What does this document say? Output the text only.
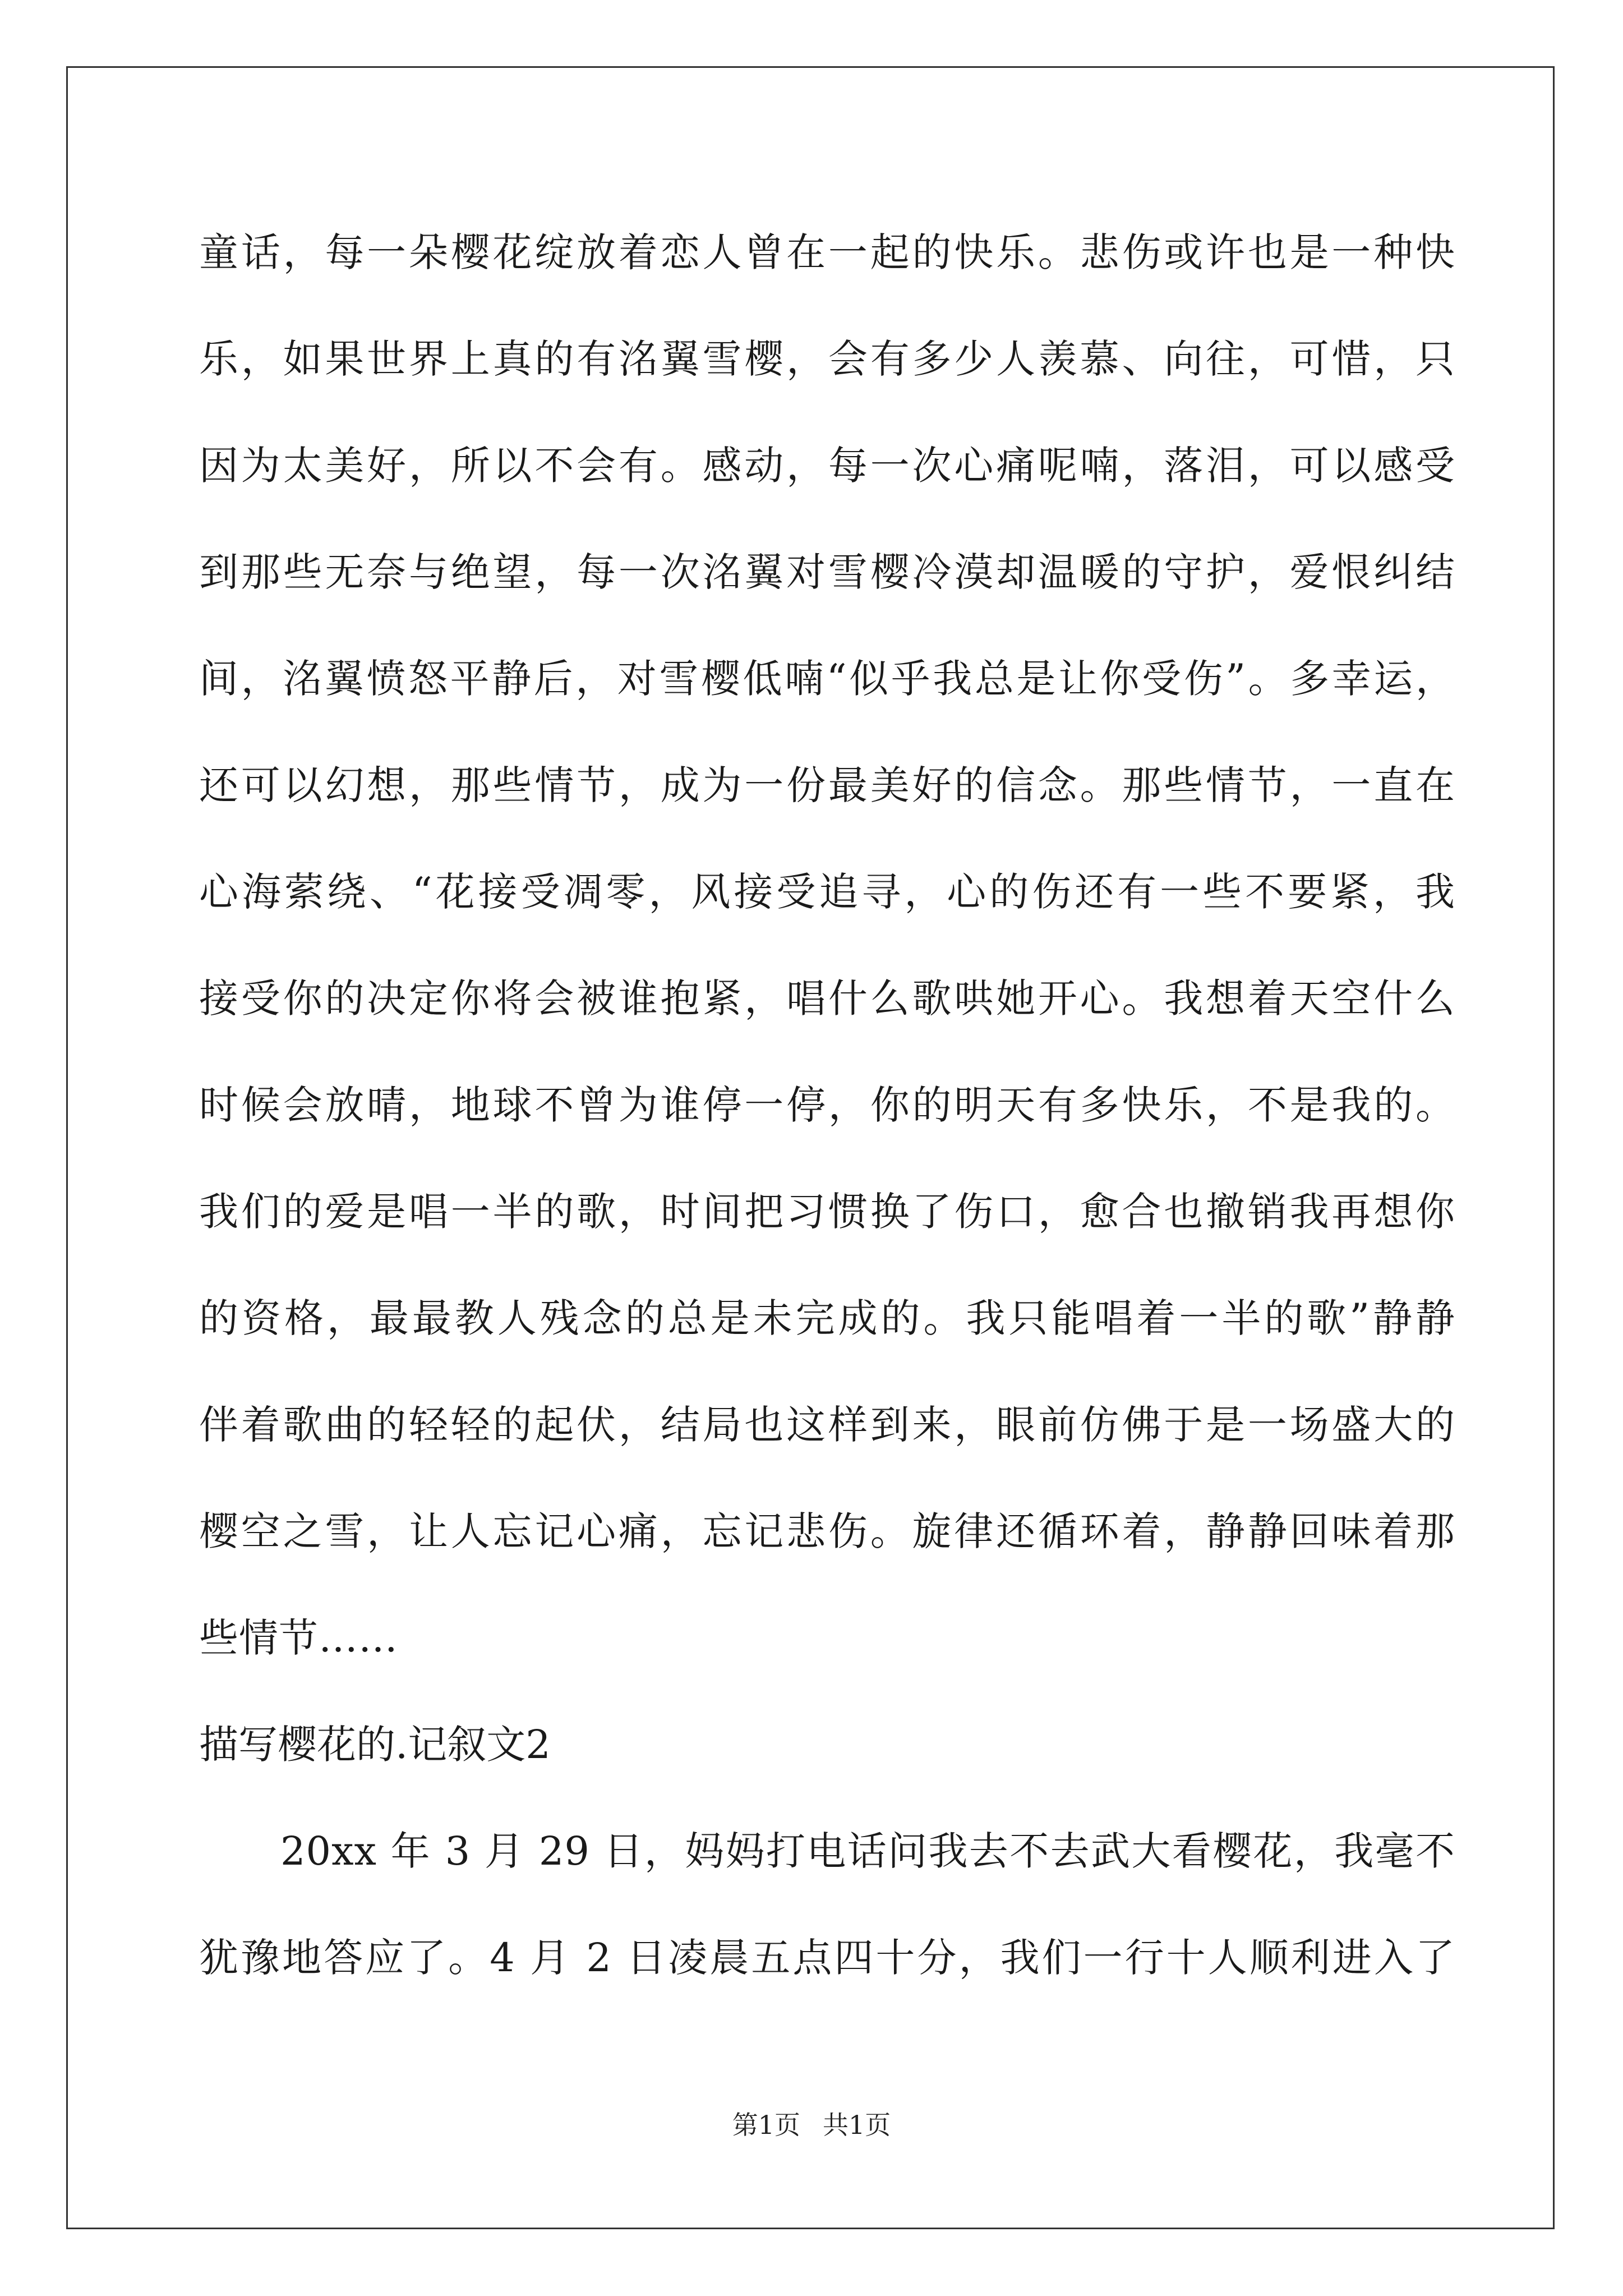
童话，每一朵樱花绽放着恋人曾在一起的快乐。悲伤或许也是一种快
乐，如果世界上真的有洺翼雪樱，会有多少人羡慕、向往，可惜，只
因为太美好，所以不会有。感动，每一次心痛呢喃，落泪，可以感受
到那些无奈与绝望，每一次洺翼对雪樱冷漠却温暖的守护，爱恨纠结
间，洺翼愤怒平静后，对雪樱低喃“似乎我总是让你受伤”。多幸运，
还可以幻想，那些情节，成为一份最美好的信念。那些情节，一直在
心海萦绕、“花接受凋零，风接受追寻，心的伤还有一些不要紧，我
接受你的决定你将会被谁抱紧，唱什么歌哄她开心。我想着天空什么
时候会放晴，地球不曾为谁停一停，你的明天有多快乐，不是我的。
我们的爱是唱一半的歌，时间把习惯换了伤口，愈合也撤销我再想你
的资格，最最教人残念的总是未完成的。我只能唱着一半的歌”静静
伴着歌曲的轻轻的起伏，结局也这样到来，眼前仿佛于是一场盛大的
樱空之雪，让人忘记心痛，忘记悲伤。旋律还循环着，静静回味着那
些情节……
描写樱花的.记叙文2
20xx 年 3 月 29 日，妈妈打电话问我去不去武大看樱花，我毫不
犹豫地答应了。4 月 2 日凌晨五点四十分，我们一行十人顺利进入了
第1页 共1页
